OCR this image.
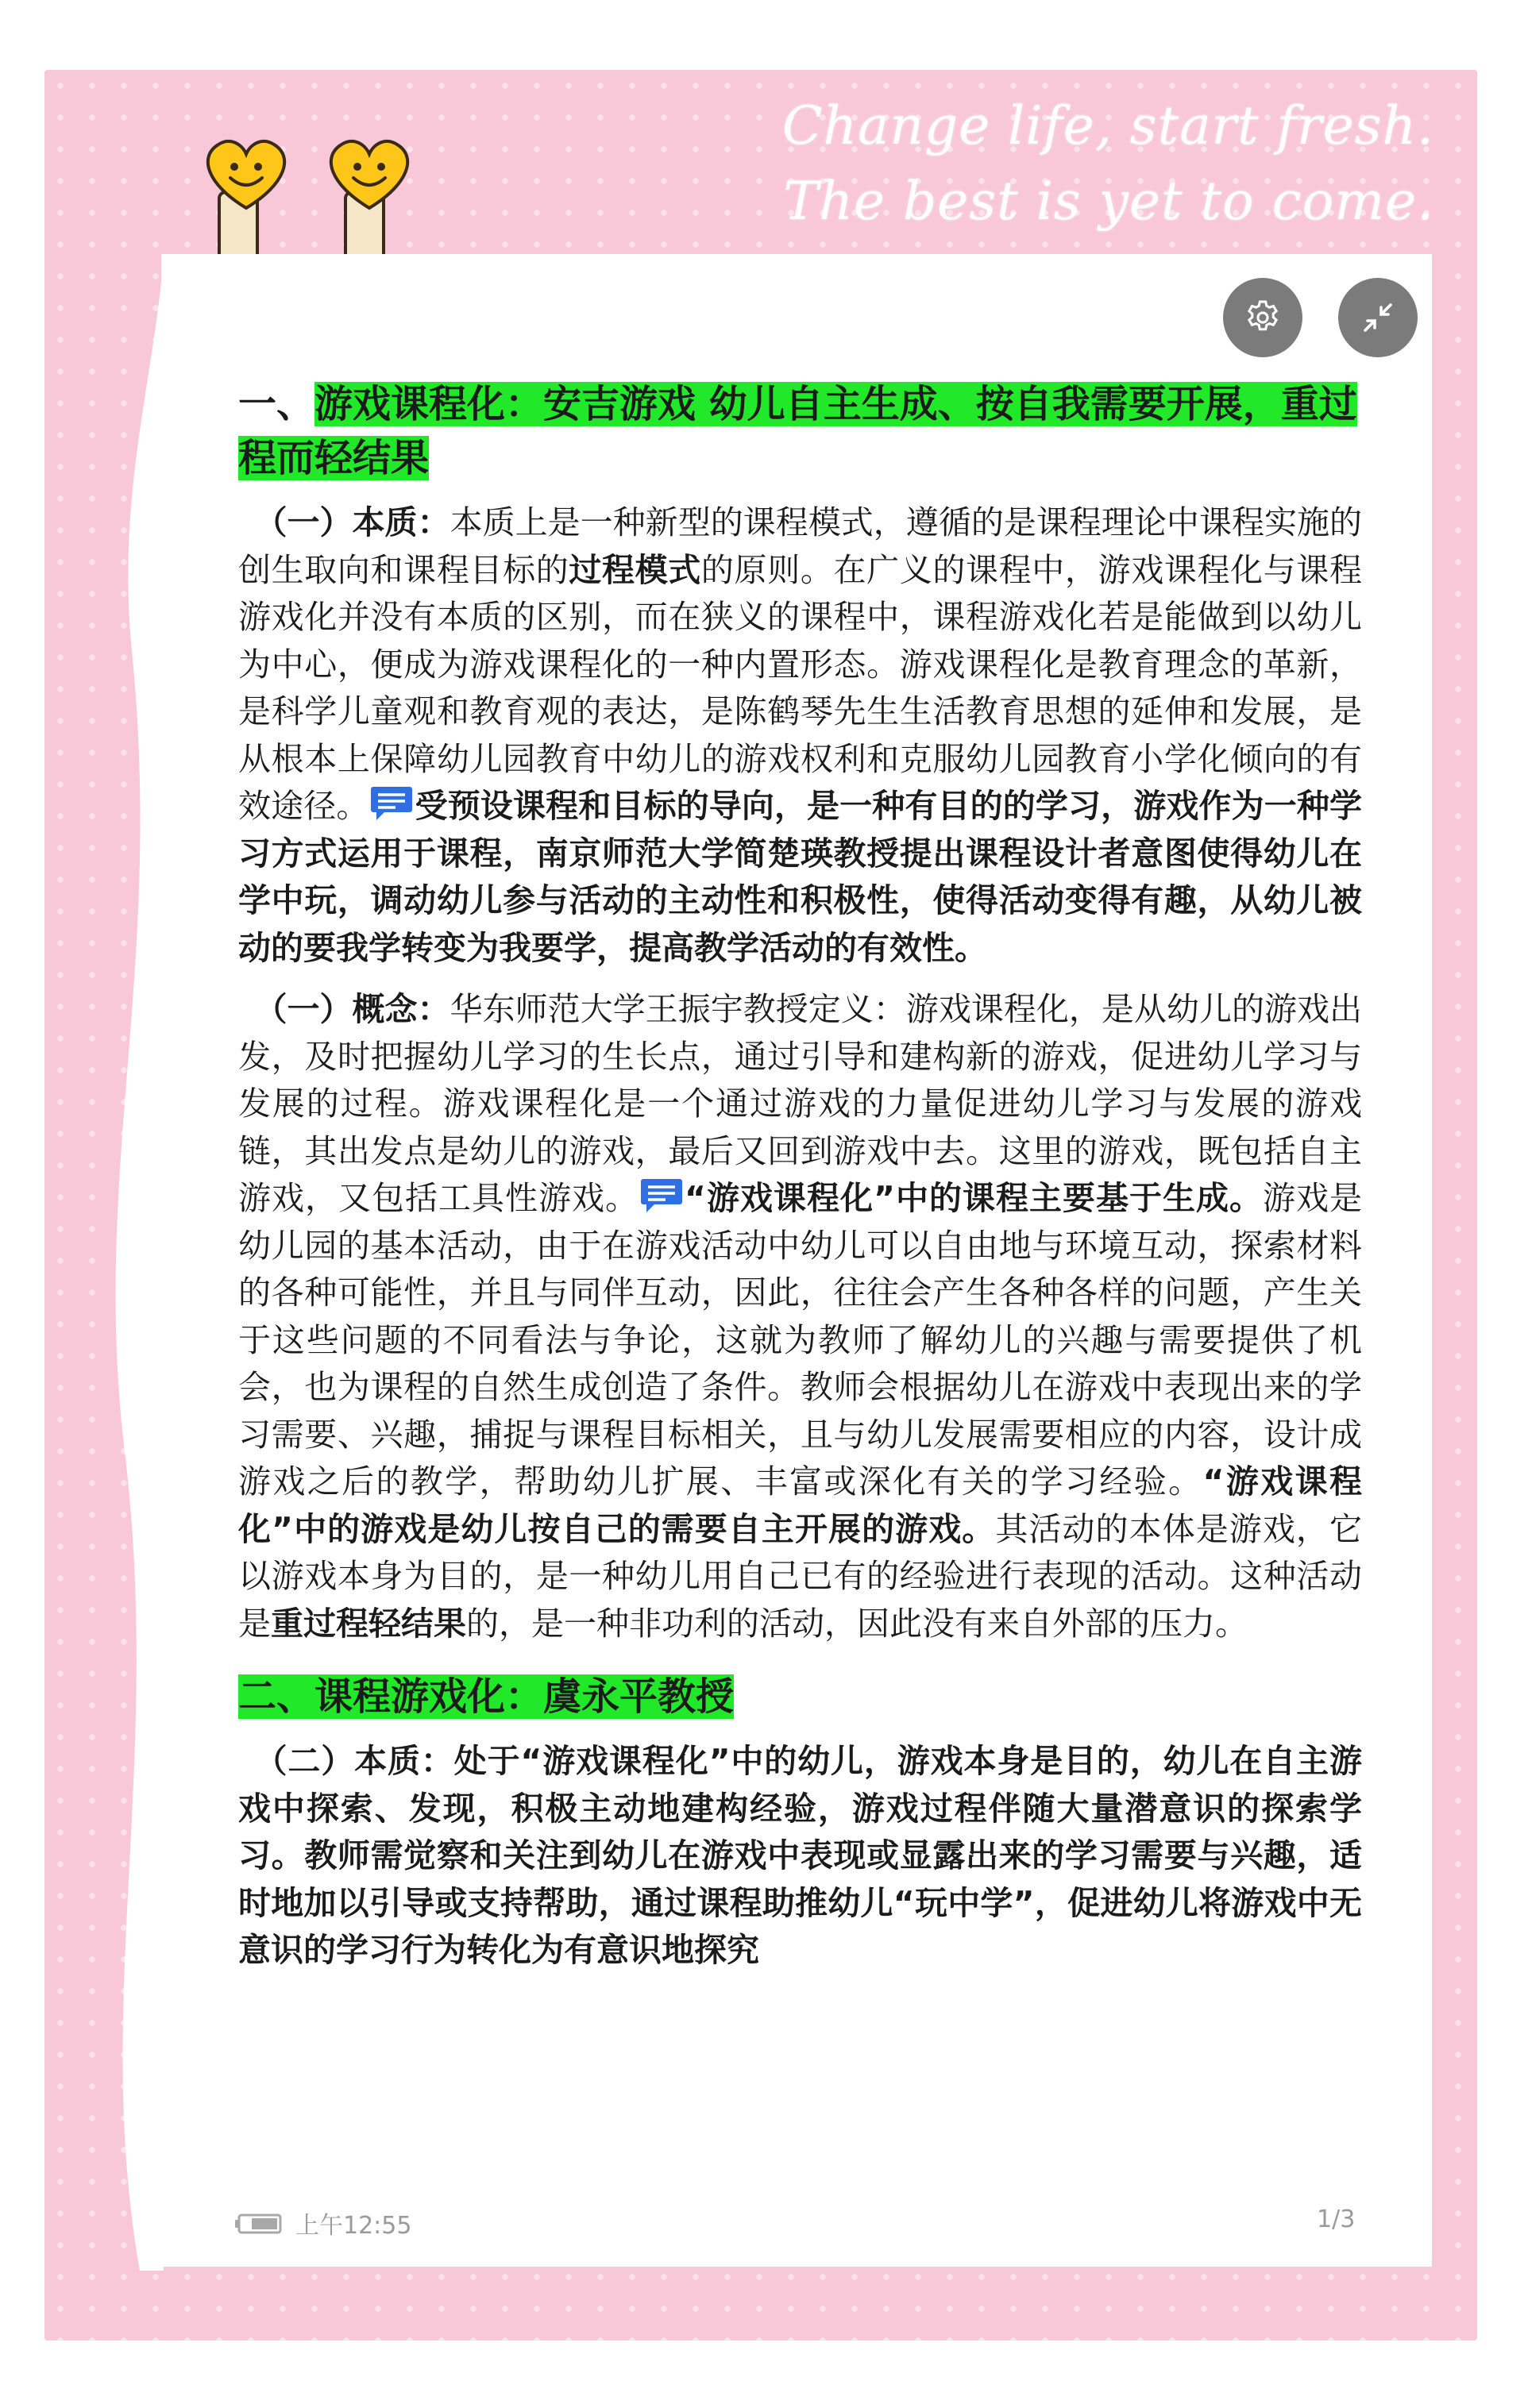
Change life, start fresh.
The best is yet to come.
一、游戏课程化：安吉游戏 幼儿自主生成、按自我需要开展，重过程而轻结果

（一）本质：本质上是一种新型的课程模式，遵循的是课程理论中课程实施的创生取向和课程目标的过程模式的原则。在广义的课程中，游戏课程化与课程游戏化并没有本质的区别，而在狭义的课程中，课程游戏化若是能做到以幼儿为中心，便成为游戏课程化的一种内置形态。游戏课程化是教育理念的革新，是科学儿童观和教育观的表达，是陈鹤琴先生生活教育思想的延伸和发展，是从根本上保障幼儿园教育中幼儿的游戏权利和克服幼儿园教育小学化倾向的有效途径。 受预设课程和目标的导向，是一种有目的的学习，游戏作为一种学习方式运用于课程，南京师范大学简楚瑛教授提出课程设计者意图使得幼儿在学中玩，调动幼儿参与活动的主动性和积极性，使得活动变得有趣，从幼儿被动的要我学转变为我要学，提高教学活动的有效性。

（一）概念：华东师范大学王振宇教授定义：游戏课程化，是从幼儿的游戏出发，及时把握幼儿学习的生长点，通过引导和建构新的游戏，促进幼儿学习与发展的过程。游戏课程化是一个通过游戏的力量促进幼儿学习与发展的游戏链，其出发点是幼儿的游戏，最后又回到游戏中去。这里的游戏，既包括自主游戏，又包括工具性游戏。 “游戏课程化”中的课程主要基于生成。游戏是幼儿园的基本活动，由于在游戏活动中幼儿可以自由地与环境互动，探索材料的各种可能性，并且与同伴互动，因此，往往会产生各种各样的问题，产生关于这些问题的不同看法与争论，这就为教师了解幼儿的兴趣与需要提供了机会，也为课程的自然生成创造了条件。教师会根据幼儿在游戏中表现出来的学习需要、兴趣，捕捉与课程目标相关，且与幼儿发展需要相应的内容，设计成游戏之后的教学，帮助幼儿扩展、丰富或深化有关的学习经验。“游戏课程化”中的游戏是幼儿按自己的需要自主开展的游戏。其活动的本体是游戏，它以游戏本身为目的，是一种幼儿用自己已有的经验进行表现的活动。这种活动是重过程轻结果的，是一种非功利的活动，因此没有来自外部的压力。

二、课程游戏化：虞永平教授

（二）本质：处于“游戏课程化”中的幼儿，游戏本身是目的，幼儿在自主游戏中探索、发现，积极主动地建构经验，游戏过程伴随大量潜意识的探索学习。教师需觉察和关注到幼儿在游戏中表现或显露出来的学习需要与兴趣，适时地加以引导或支持帮助，通过课程助推幼儿“玩中学”，促进幼儿将游戏中无意识的学习行为转化为有意识地探究

上午12:55	1/3
